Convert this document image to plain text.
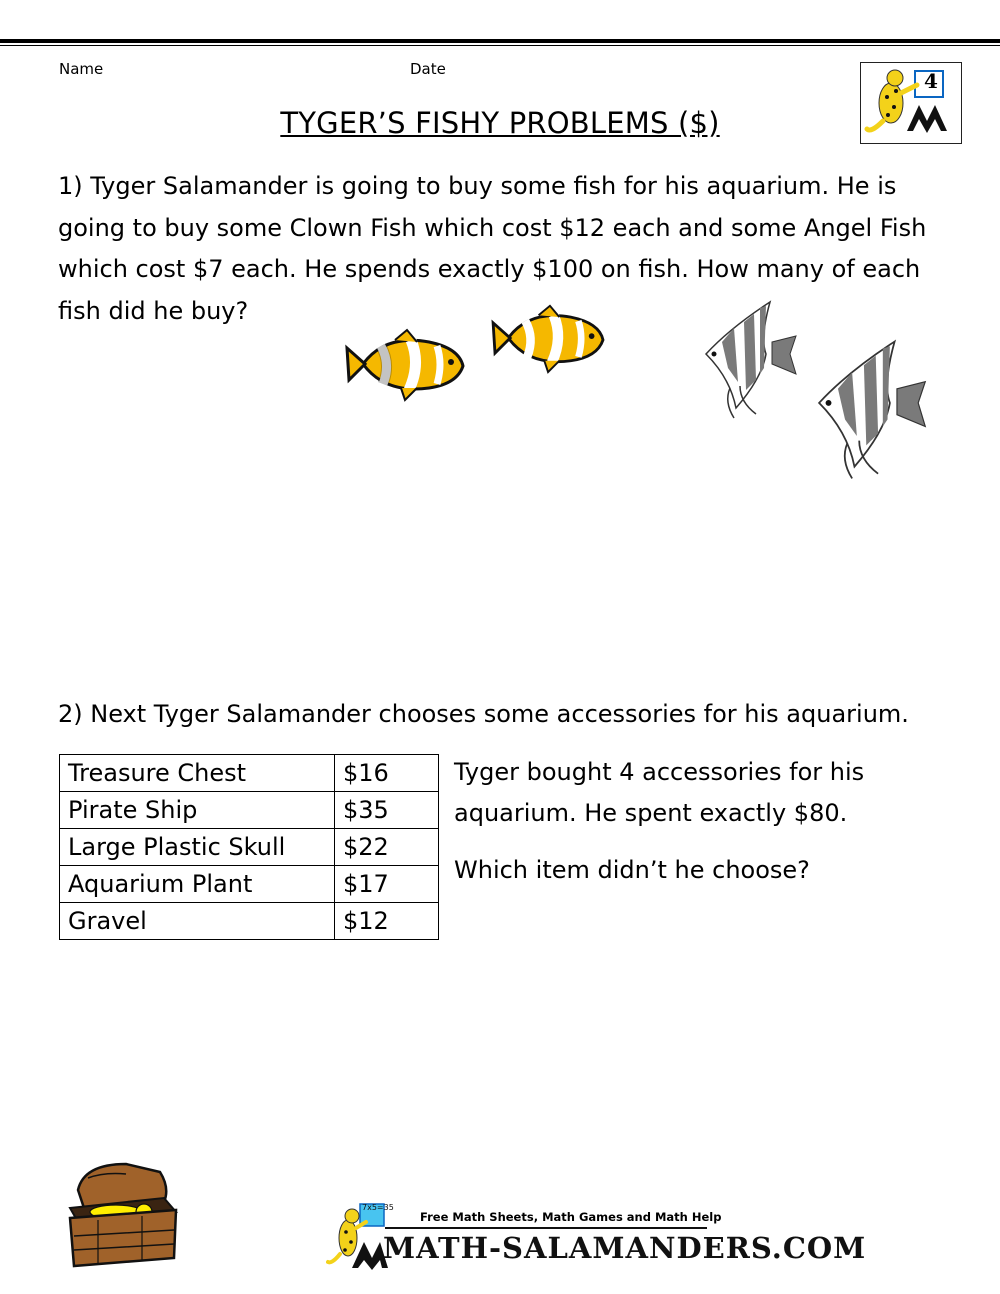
Name	Date	4
TYGER’S FISHY PROBLEMS ($)
1) Tyger Salamander is going to buy some fish for his aquarium. He is going to buy some Clown Fish which cost $12 each and some Angel Fish which cost $7 each. He spends exactly $100 on fish. How many of each fish did he buy?
2) Next Tyger Salamander chooses some accessories for his aquarium.
Treasure Chest	$16
Pirate Ship	$35
Large Plastic Skull	$22
Aquarium Plant	$17
Gravel	$12
Tyger bought 4 accessories for his aquarium. He spent exactly $80.
Which item didn’t he choose?
7x5=35
Free Math Sheets, Math Games and Math Help
MATH-SALAMANDERS.COM
